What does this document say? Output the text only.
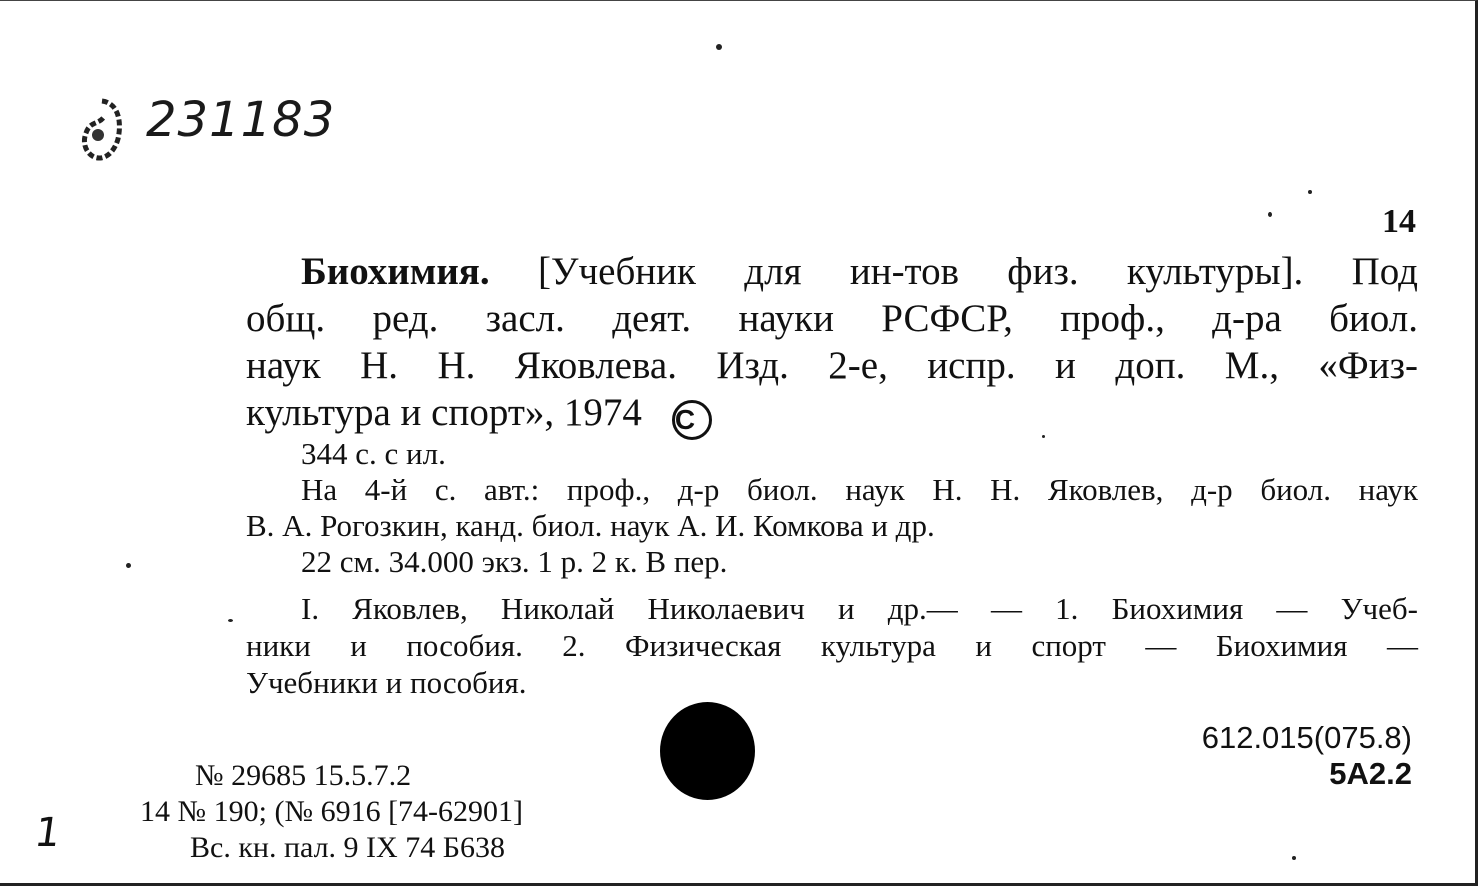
231183
14
Биохимия. [Учебник для ин-тов физ. культуры]. Под
общ. ред. засл. деят. науки РСФСР, проф., д-ра биол.
наук Н. Н. Яковлева. Изд. 2-е, испр. и доп. М., «Физ-
культура и спорт», 1974 C
344 с. с ил.
На 4-й с. авт.: проф., д-р биол. наук Н. Н. Яковлев, д-р биол. наук
В. А. Рогозкин, канд. биол. наук А. И. Комкова и др.
22 см. 34.000 экз. 1 р. 2 к. В пер.
I. Яковлев, Николай Николаевич и др.— — 1. Биохимия — Учеб-
ники и пособия. 2. Физическая культура и спорт — Биохимия —
Учебники и пособия.
612.015(075.8)
5А2.2
№ 29685 15.5.7.2
14 № 190; (№ 6916 [74-62901]
Вс. кн. пал. 9 IX 74 Б638
1
